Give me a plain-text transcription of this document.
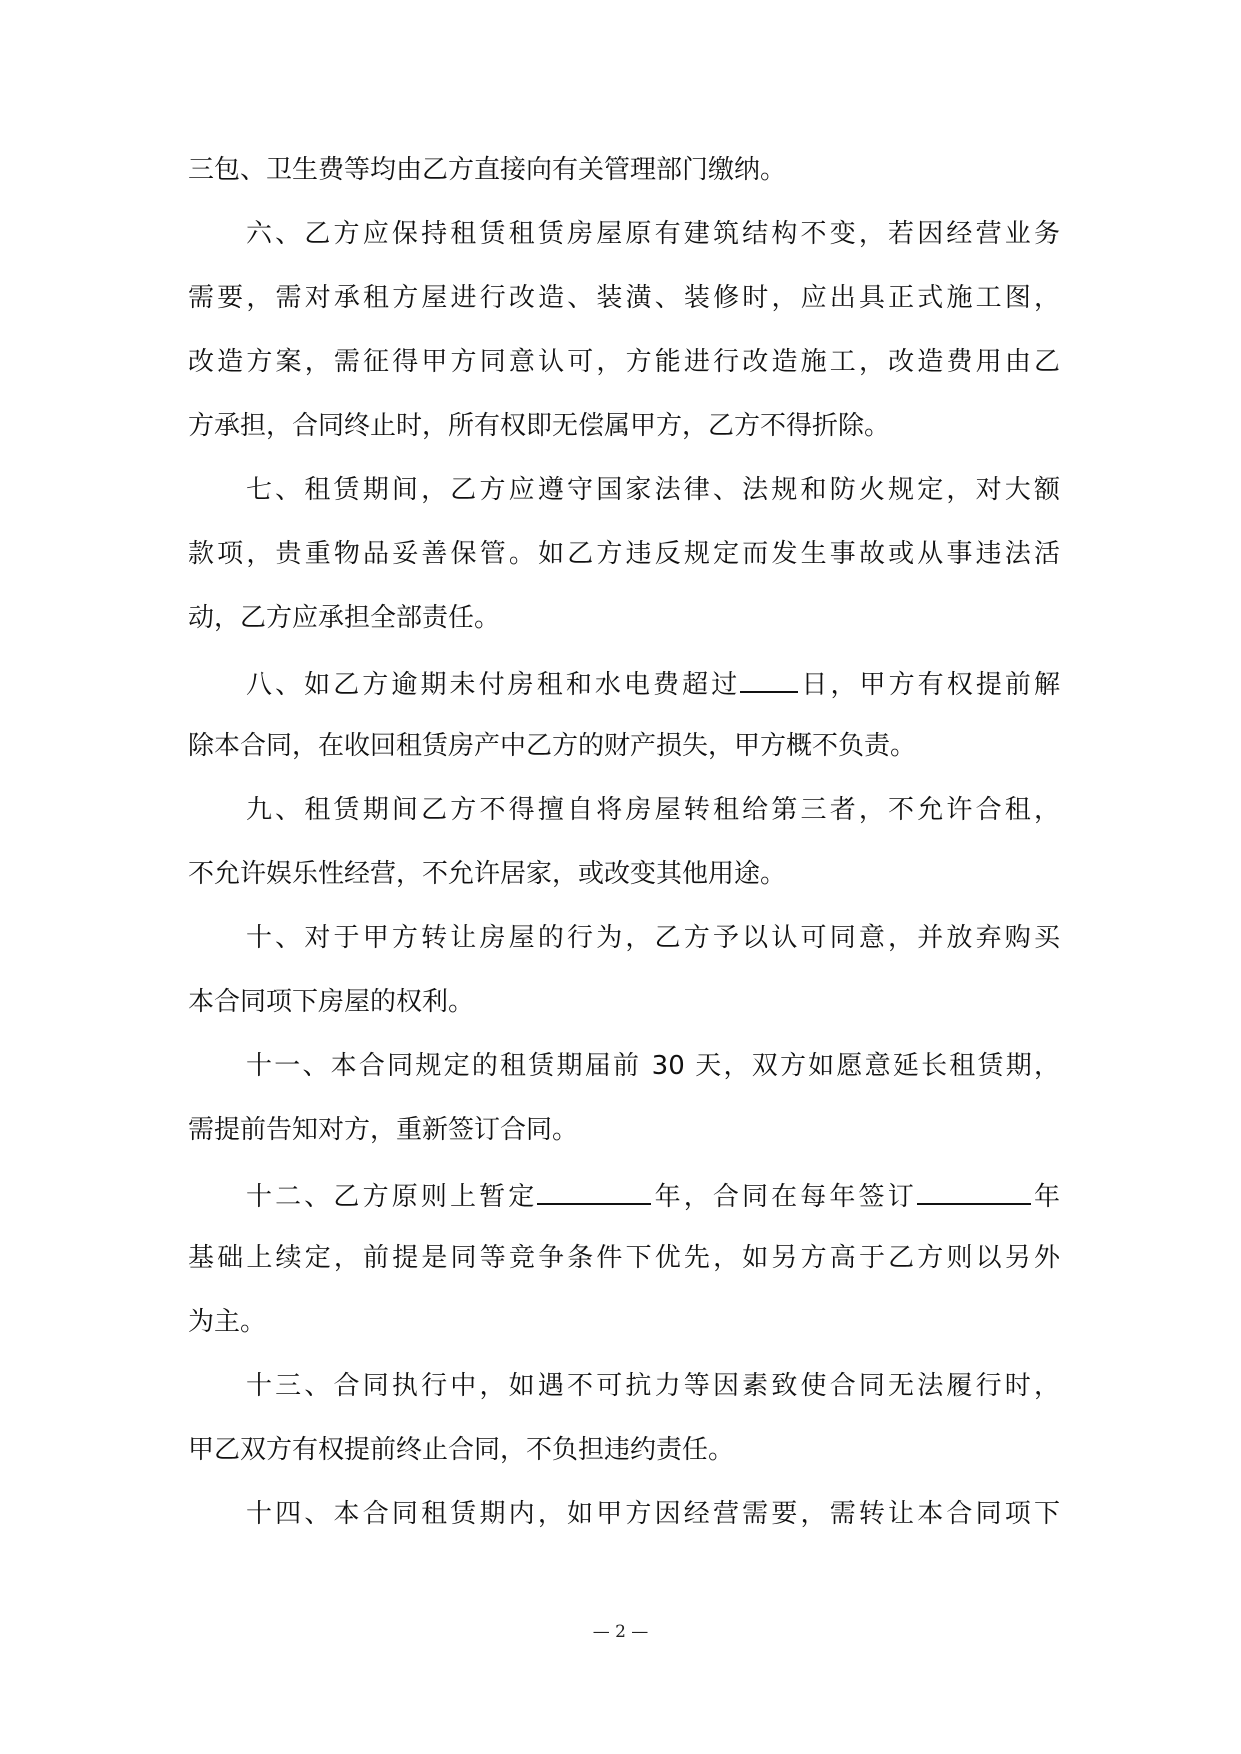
三包、卫生费等均由乙方直接向有关管理部门缴纳。
六、乙方应保持租赁租赁房屋原有建筑结构不变，若因经营业务
需要，需对承租方屋进行改造、装潢、装修时，应出具正式施工图，
改造方案，需征得甲方同意认可，方能进行改造施工，改造费用由乙
方承担，合同终止时，所有权即无偿属甲方，乙方不得折除。
七、租赁期间，乙方应遵守国家法律、法规和防火规定，对大额
款项，贵重物品妥善保管。如乙方违反规定而发生事故或从事违法活
动，乙方应承担全部责任。
八、如乙方逾期未付房租和水电费超过 日，甲方有权提前解
除本合同，在收回租赁房产中乙方的财产损失，甲方概不负责。
九、租赁期间乙方不得擅自将房屋转租给第三者，不允许合租，
不允许娱乐性经营，不允许居家，或改变其他用途。
十、对于甲方转让房屋的行为，乙方予以认可同意，并放弃购买
本合同项下房屋的权利。
十一、本合同规定的租赁期届前 30 天，双方如愿意延长租赁期，
需提前告知对方，重新签订合同。
十二、乙方原则上暂定	年，合同在每年签订	年
基础上续定，前提是同等竞争条件下优先，如另方高于乙方则以另外
为主。
十三、合同执行中，如遇不可抗力等因素致使合同无法履行时，
甲乙双方有权提前终止合同，不负担违约责任。
十四、本合同租赁期内，如甲方因经营需要，需转让本合同项下
— 2 —
